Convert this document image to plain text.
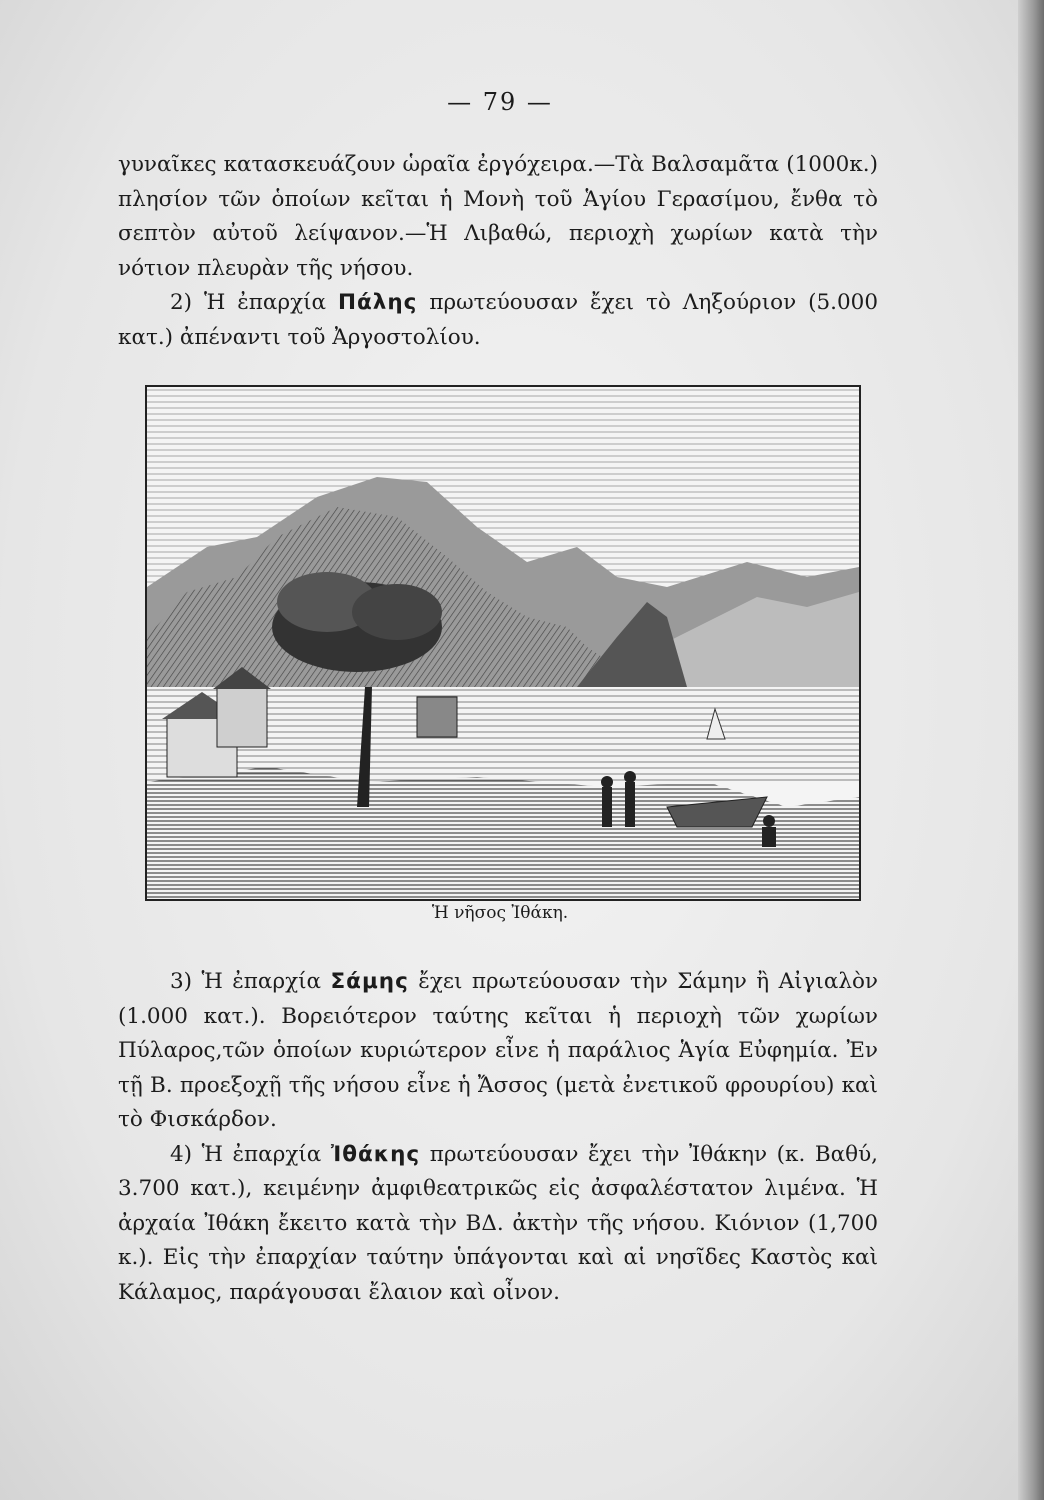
— 79 —

γυναῖκες κατασκευάζουν ὡραῖα ἐργόχειρα.—Τὰ Βαλσαμᾶτα (1000κ.) πλησίον τῶν ὁποίων κεῖται ἡ Μονὴ τοῦ Ἁγίου Γερασίμου, ἔνθα τὸ σεπτὸν αὐτοῦ λείψανον.—Ἡ Λιβαθώ, περιοχὴ χωρίων κατὰ τὴν νότιον πλευρὰν τῆς νήσου.

2) Ἡ ἐπαρχία Πάλης πρωτεύουσαν ἔχει τὸ Ληξούριον (5.000 κατ.) ἀπέναντι τοῦ Ἀργοστολίου.

Ἡ νῆσος Ἰθάκη.

3) Ἡ ἐπαρχία Σάμης ἔχει πρωτεύουσαν τὴν Σάμην ἢ Αἰγιαλὸν (1.000 κατ.). Βορειότερον ταύτης κεῖται ἡ περιοχὴ τῶν χωρίων Πύλαρος,τῶν ὁποίων κυριώτερον εἶνε ἡ παράλιος Ἁγία Εὐφημία. Ἐν τῇ Β. προεξοχῇ τῆς νήσου εἶνε ἡ Ἄσσος (μετὰ ἐνετικοῦ φρουρίου) καὶ τὸ Φισκάρδον.

4) Ἡ ἐπαρχία Ἰθάκης πρωτεύουσαν ἔχει τὴν Ἰθάκην (κ. Βαθύ, 3.700 κατ.), κειμένην ἀμφιθεατρικῶς εἰς ἀσφαλέστατον λιμένα. Ἡ ἀρχαία Ἰθάκη ἔκειτο κατὰ τὴν ΒΔ. ἀκτὴν τῆς νήσου. Κιόνιον (1,700 κ.). Εἰς τὴν ἐπαρχίαν ταύτην ὑπάγονται καὶ αἱ νησῖδες Καστὸς καὶ Κάλαμος, παράγουσαι ἔλαιον καὶ οἶνον.
